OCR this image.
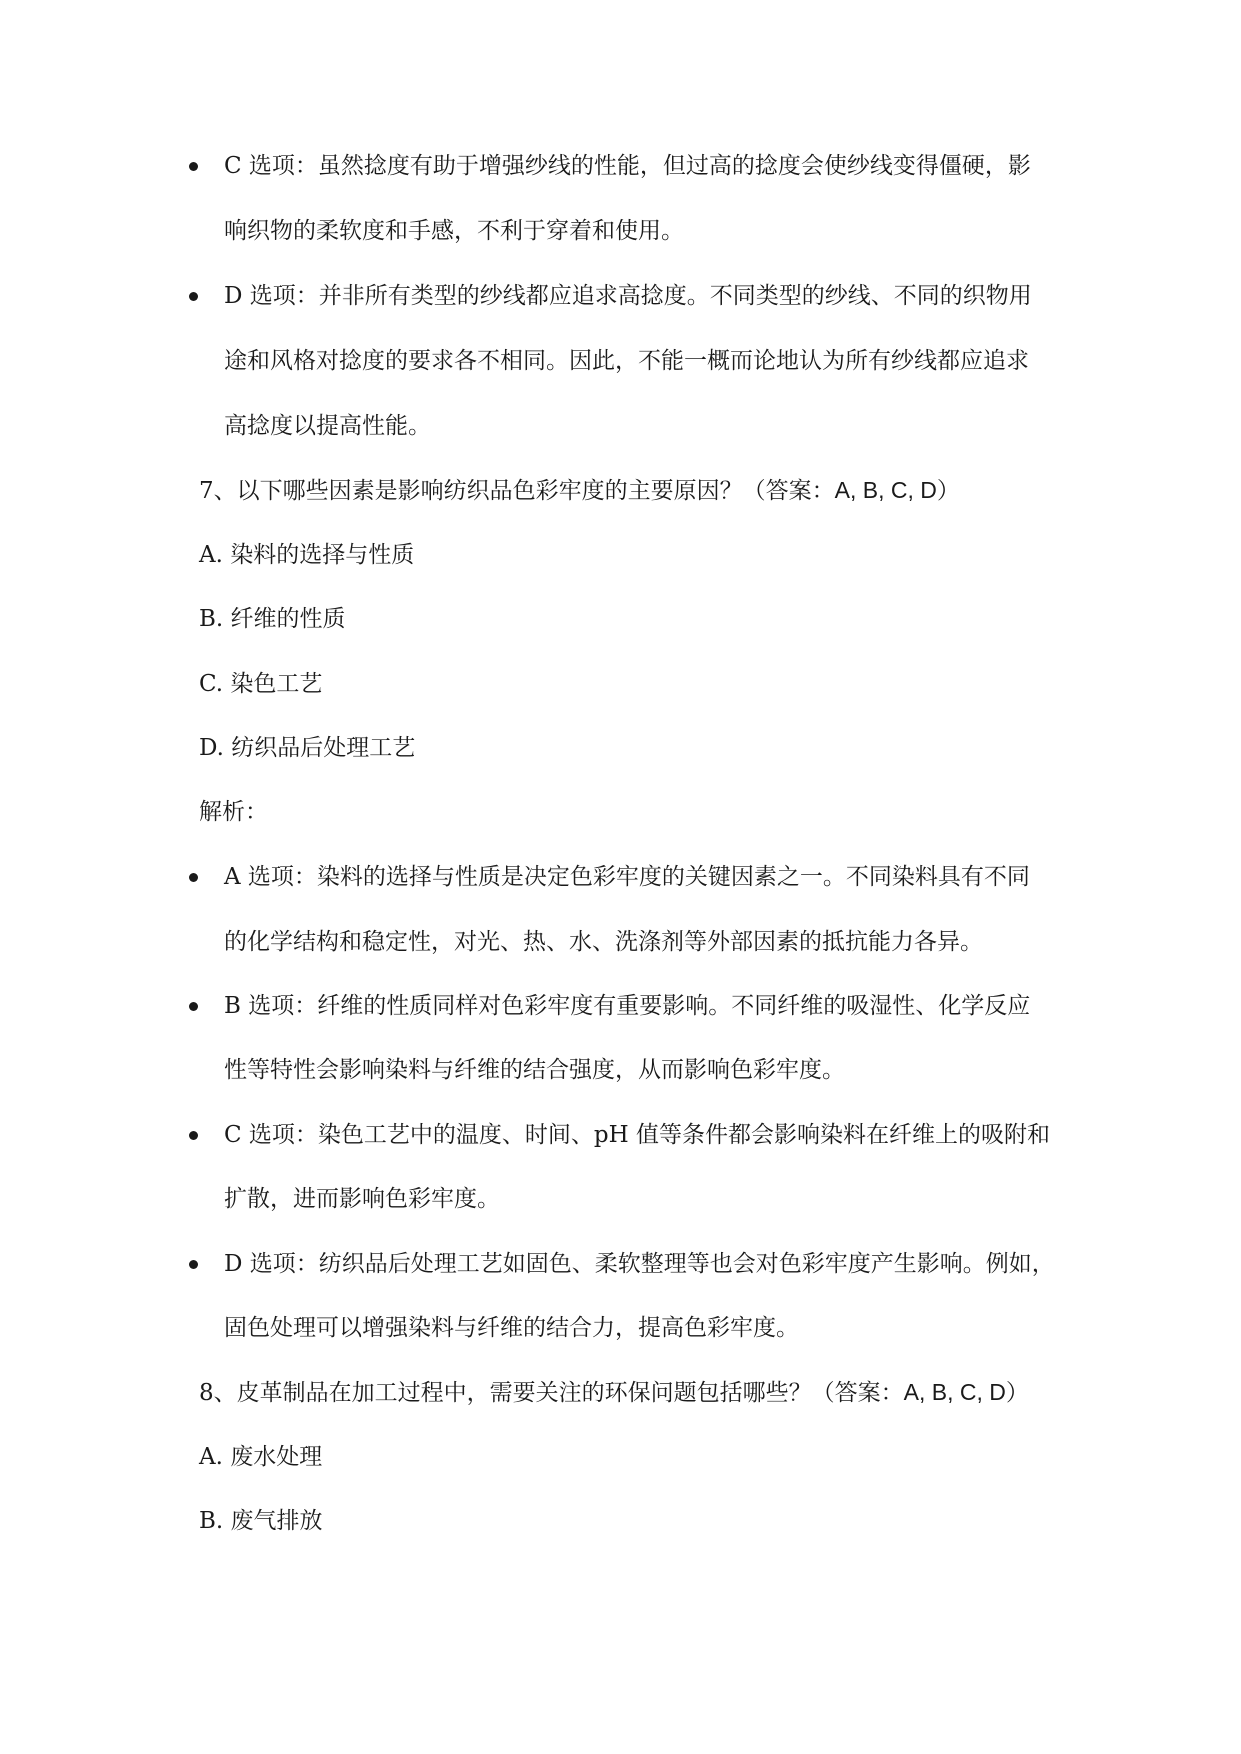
C 选项：虽然捻度有助于增强纱线的性能，但过高的捻度会使纱线变得僵硬，影
响织物的柔软度和手感，不利于穿着和使用。
D 选项：并非所有类型的纱线都应追求高捻度。不同类型的纱线、不同的织物用
途和风格对捻度的要求各不相同。因此，不能一概而论地认为所有纱线都应追求
高捻度以提高性能。
7、以下哪些因素是影响纺织品色彩牢度的主要原因？（答案：A, B, C, D）
A. 染料的选择与性质
B. 纤维的性质
C. 染色工艺
D. 纺织品后处理工艺
解析：
A 选项：染料的选择与性质是决定色彩牢度的关键因素之一。不同染料具有不同
的化学结构和稳定性，对光、热、水、洗涤剂等外部因素的抵抗能力各异。
B 选项：纤维的性质同样对色彩牢度有重要影响。不同纤维的吸湿性、化学反应
性等特性会影响染料与纤维的结合强度，从而影响色彩牢度。
C 选项：染色工艺中的温度、时间、pH 值等条件都会影响染料在纤维上的吸附和
扩散，进而影响色彩牢度。
D 选项：纺织品后处理工艺如固色、柔软整理等也会对色彩牢度产生影响。例如，
固色处理可以增强染料与纤维的结合力，提高色彩牢度。
8、皮革制品在加工过程中，需要关注的环保问题包括哪些？（答案：A, B, C, D）
A. 废水处理
B. 废气排放
